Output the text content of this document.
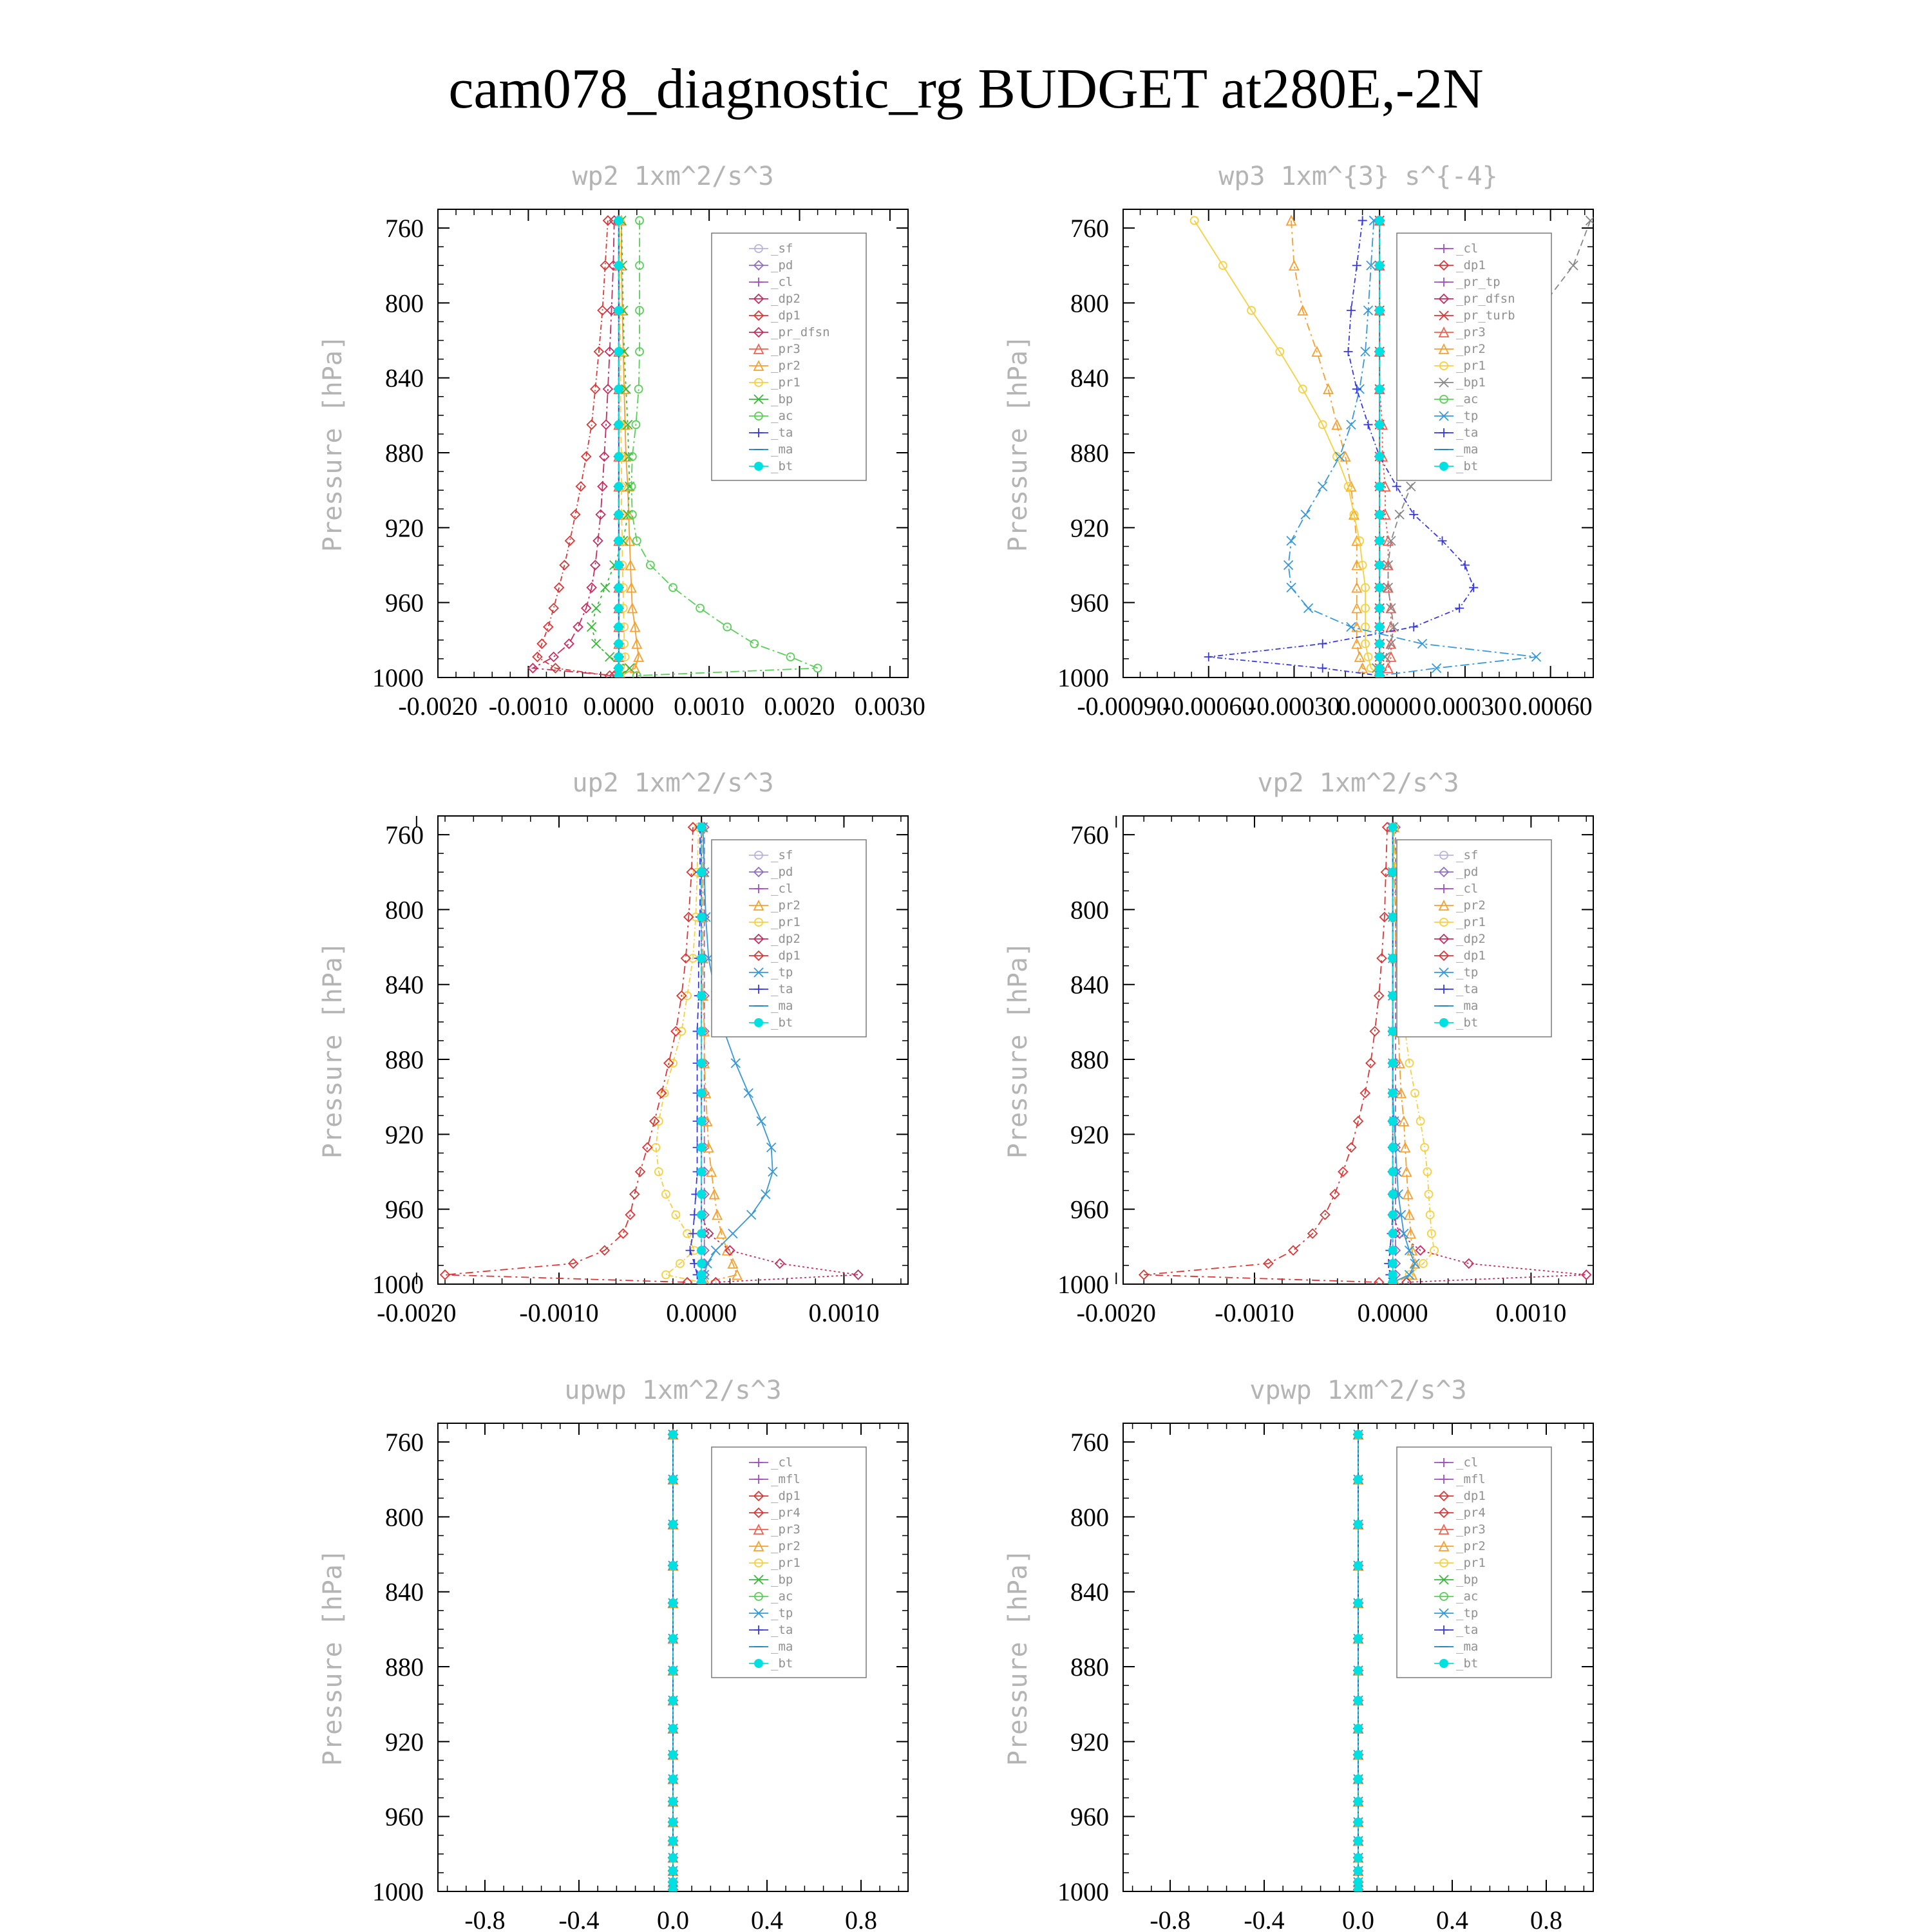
cam078_diagnostic_rg BUDGET at280E,-2N
wp2 1xm^2/s^3
Pressure [hPa]
760
800
840
880
920
960
1000
-0.0020 -0.0010 0.0000 0.0010 0.0020 0.0030
_sf
_pd
_cl
_dp2
_dp1
_pr_dfsn
_pr3
_pr2
_pr1
_bp
_ac
_ta
_ma
_bt
wp3 1xm^{3} s^{-4}
Pressure [hPa]
760
800
840
880
920
960
1000
-0.00090
-0.00060
-0.00030
0.00000 0.00030 0.00060
_cl
_dp1
_pr_tp
_pr_dfsn
_pr_turb
_pr3
_pr2
_pr1
_bp1
_ac
_tp
_ta
_ma
_bt
up2 1xm^2/s^3
Pressure [hPa]
760
800
840
880
920
960
1000
-0.0020 -0.0010	0.0000	0.0010
_sf
_pd
_cl
_pr2
_pr1
_dp2
_dp1
_tp
_ta
_ma
_bt
vp2 1xm^2/s^3
Pressure [hPa]
760
800
840
880
920
960
1000
-0.0020 -0.0010 0.0000	0.0010
_sf
_pd
_cl
_pr2
_pr1
_dp2
_dp1
_tp
_ta
_ma
_bt
upwp 1xm^2/s^3
Pressure [hPa]
760
800
840
880
920
960
1000
-0.8 -0.4 0.0 0.4 0.8
_cl
_mfl
_dp1
_pr4
_pr3
_pr2
_pr1
_bp
_ac
_tp
_ta
_ma
_bt
vpwp 1xm^2/s^3
Pressure [hPa]
760
800
840
880
920
960
1000
-0.8 -0.4 0.0 0.4 0.8
_cl
_mfl
_dp1
_pr4
_pr3
_pr2
_pr1
_bp
_ac
_tp
_ta
_ma
_bt
